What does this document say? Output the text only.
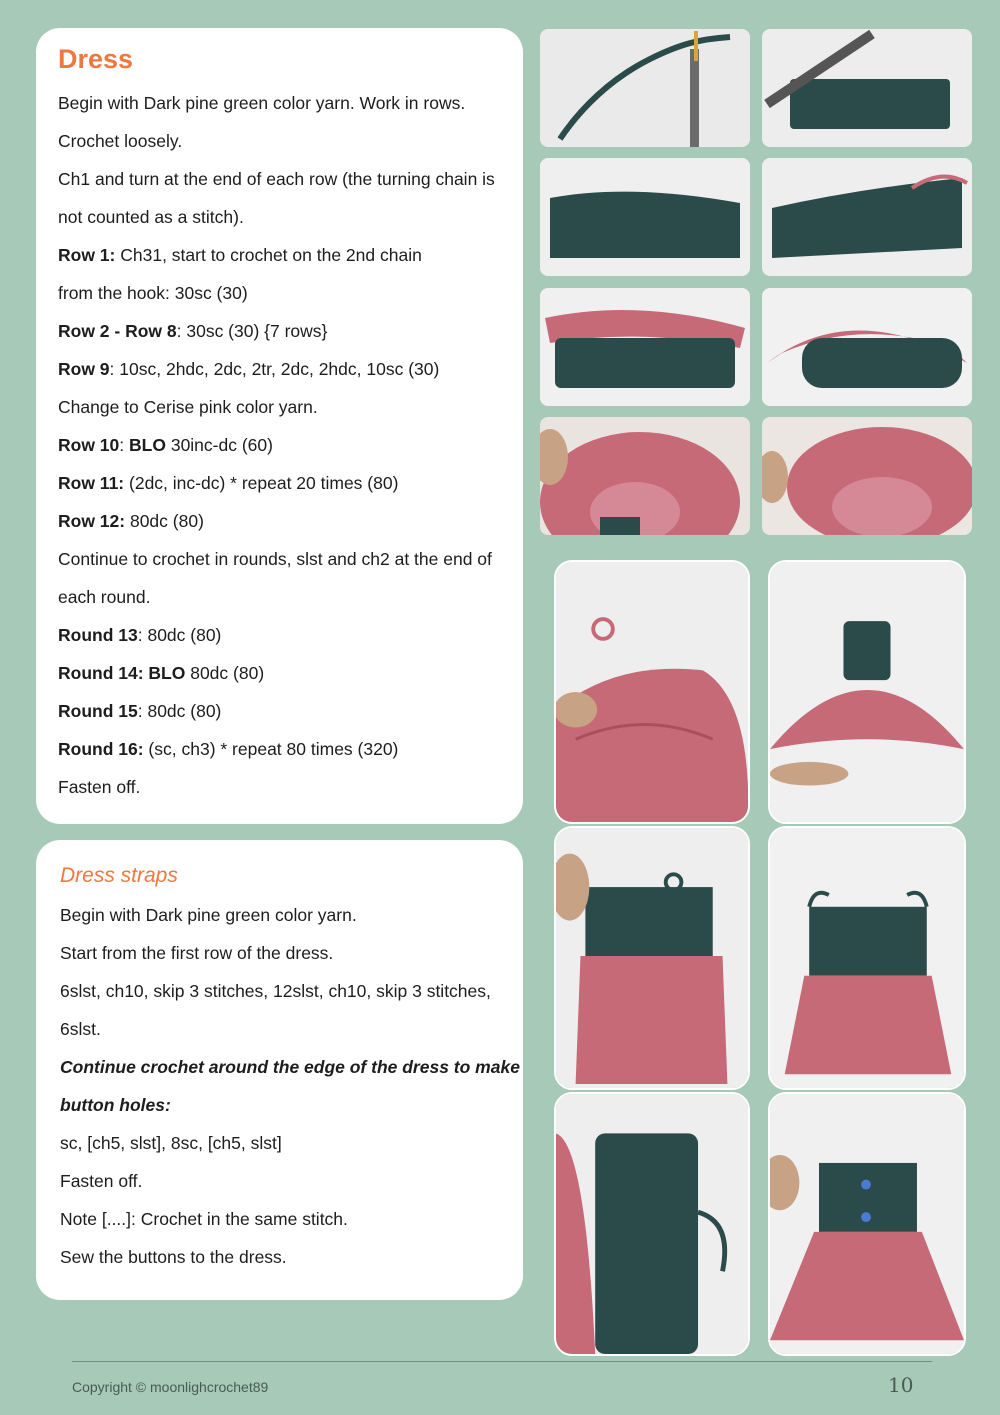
Dress
Begin with Dark pine green color yarn. Work in rows.
Crochet loosely.
Ch1 and turn at the end of each row (the turning chain is
not counted as a stitch).
Row 1: Ch31, start to crochet on the 2nd chain
from the hook: 30sc (30)
Row 2 - Row 8: 30sc (30) {7 rows}
Row 9: 10sc, 2hdc, 2dc, 2tr, 2dc, 2hdc, 10sc (30)
Change to Cerise pink color yarn.
Row 10: BLO 30inc-dc (60)
Row 11: (2dc, inc-dc) * repeat 20 times (80)
Row 12: 80dc (80)
Continue to crochet in rounds, slst and ch2 at the end of
each round.
Round 13: 80dc (80)
Round 14: BLO 80dc (80)
Round 15: 80dc (80)
Round 16: (sc, ch3) * repeat 80 times (320)
Fasten off.
Dress straps
Begin with Dark pine green color yarn.
Start from the first row of the dress.
6slst, ch10, skip 3 stitches, 12slst, ch10, skip 3 stitches,
6slst.
Continue crochet around the edge of the dress to make
button holes:
sc, [ch5, slst], 8sc, [ch5, slst]
Fasten off.
Note [....]: Crochet in the same stitch.
Sew the buttons to the dress.
Copyright © moonlighcrochet89	10
